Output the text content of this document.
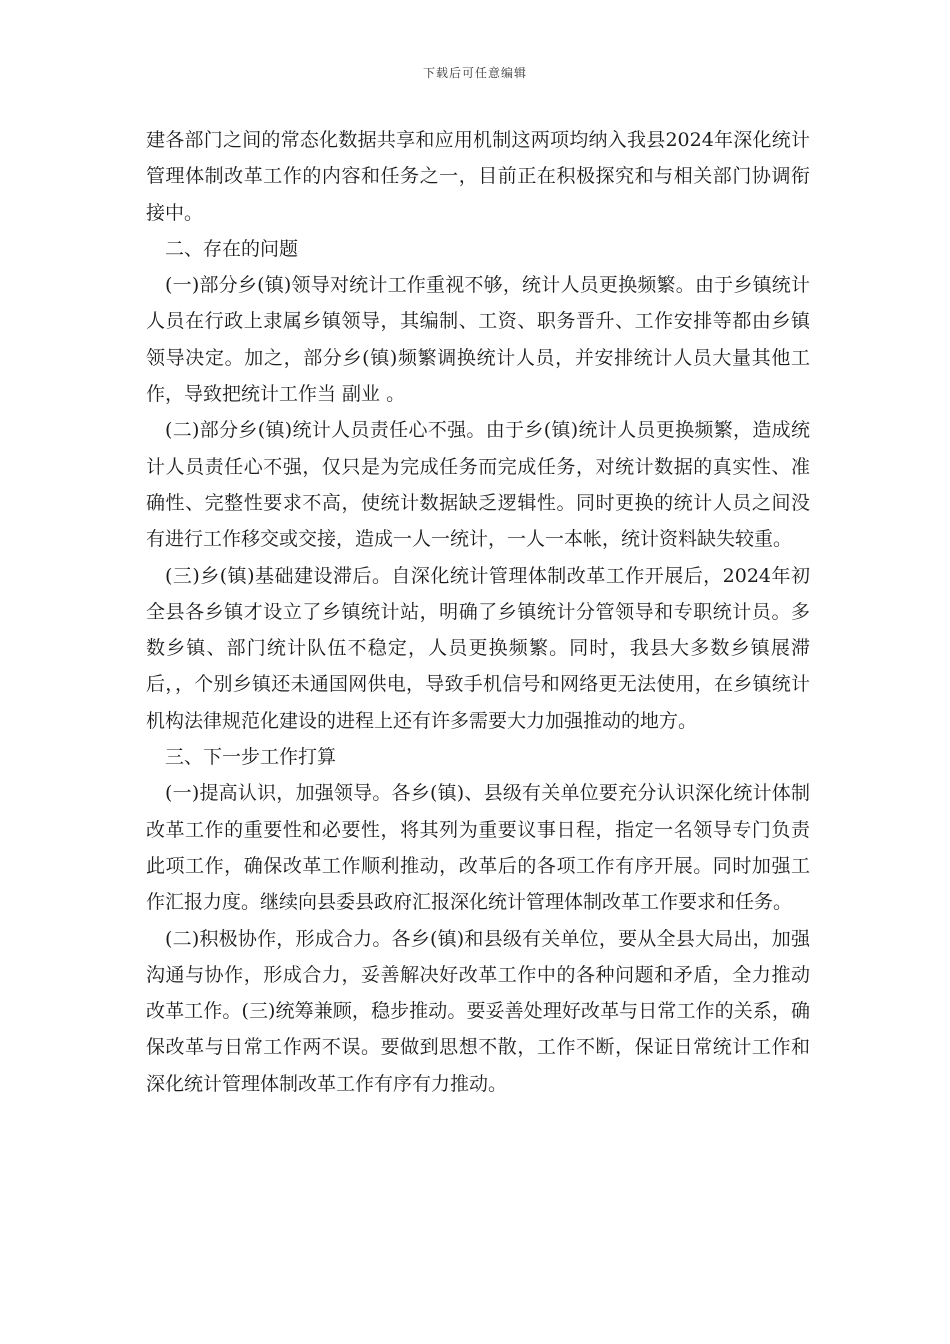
下载后可任意编辑

建各部门之间的常态化数据共享和应用机制这两项均纳入我县2024年深化统计管理体制改革工作的内容和任务之一，目前正在积极探究和与相关部门协调衔接中。

二、存在的问题

(一)部分乡(镇)领导对统计工作重视不够，统计人员更换频繁。由于乡镇统计人员在行政上隶属乡镇领导，其编制、工资、职务晋升、工作安排等都由乡镇领导决定。加之，部分乡(镇)频繁调换统计人员，并安排统计人员大量其他工作，导致把统计工作当 副业 。

(二)部分乡(镇)统计人员责任心不强。由于乡(镇)统计人员更换频繁，造成统计人员责任心不强，仅只是为完成任务而完成任务，对统计数据的真实性、准确性、完整性要求不高，使统计数据缺乏逻辑性。同时更换的统计人员之间没有进行工作移交或交接，造成一人一统计，一人一本帐，统计资料缺失较重。

(三)乡(镇)基础建设滞后。自深化统计管理体制改革工作开展后，2024年初全县各乡镇才设立了乡镇统计站，明确了乡镇统计分管领导和专职统计员。多数乡镇、部门统计队伍不稳定，人员更换频繁。同时，我县大多数乡镇展滞后，，个别乡镇还未通国网供电，导致手机信号和网络更无法使用，在乡镇统计机构法律规范化建设的进程上还有许多需要大力加强推动的地方。

三、下一步工作打算

(一)提高认识，加强领导。各乡(镇)、县级有关单位要充分认识深化统计体制改革工作的重要性和必要性，将其列为重要议事日程，指定一名领导专门负责此项工作，确保改革工作顺利推动，改革后的各项工作有序开展。同时加强工作汇报力度。继续向县委县政府汇报深化统计管理体制改革工作要求和任务。

(二)积极协作，形成合力。各乡(镇)和县级有关单位，要从全县大局出，加强沟通与协作，形成合力，妥善解决好改革工作中的各种问题和矛盾，全力推动改革工作。(三)统筹兼顾，稳步推动。要妥善处理好改革与日常工作的关系，确保改革与日常工作两不误。要做到思想不散，工作不断，保证日常统计工作和深化统计管理体制改革工作有序有力推动。
